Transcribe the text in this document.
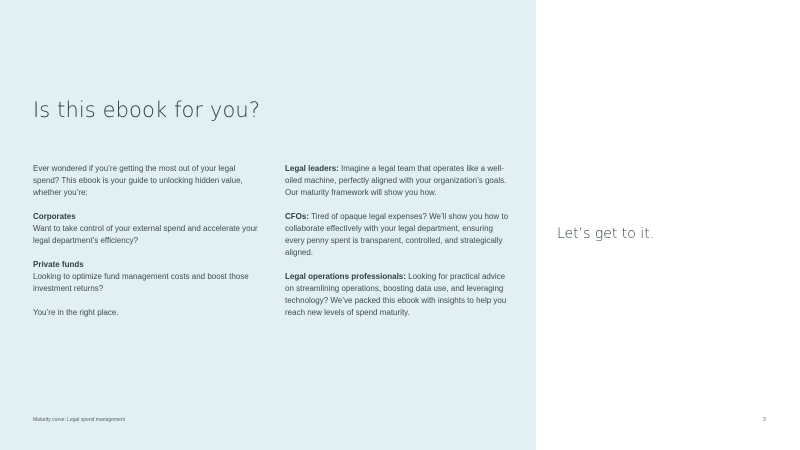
Is this ebook for you?

Ever wondered if you’re getting the most out of your legal spend? This ebook is your guide to unlocking hidden value, whether you’re:

Corporates
Want to take control of your external spend and accelerate your legal department’s efficiency?

Private funds
Looking to optimize fund management costs and boost those investment returns?

You’re in the right place.

Legal leaders: Imagine a legal team that operates like a well-oiled machine, perfectly aligned with your organization’s goals. Our maturity framework will show you how.

CFOs: Tired of opaque legal expenses? We’ll show you how to collaborate effectively with your legal department, ensuring every penny spent is transparent, controlled, and strategically aligned.

Legal operations professionals: Looking for practical advice on streamlining operations, boosting data use, and leveraging technology? We’ve packed this ebook with insights to help you reach new levels of spend maturity.

Maturity curve: Legal spend management
Let’s get to it.
3
